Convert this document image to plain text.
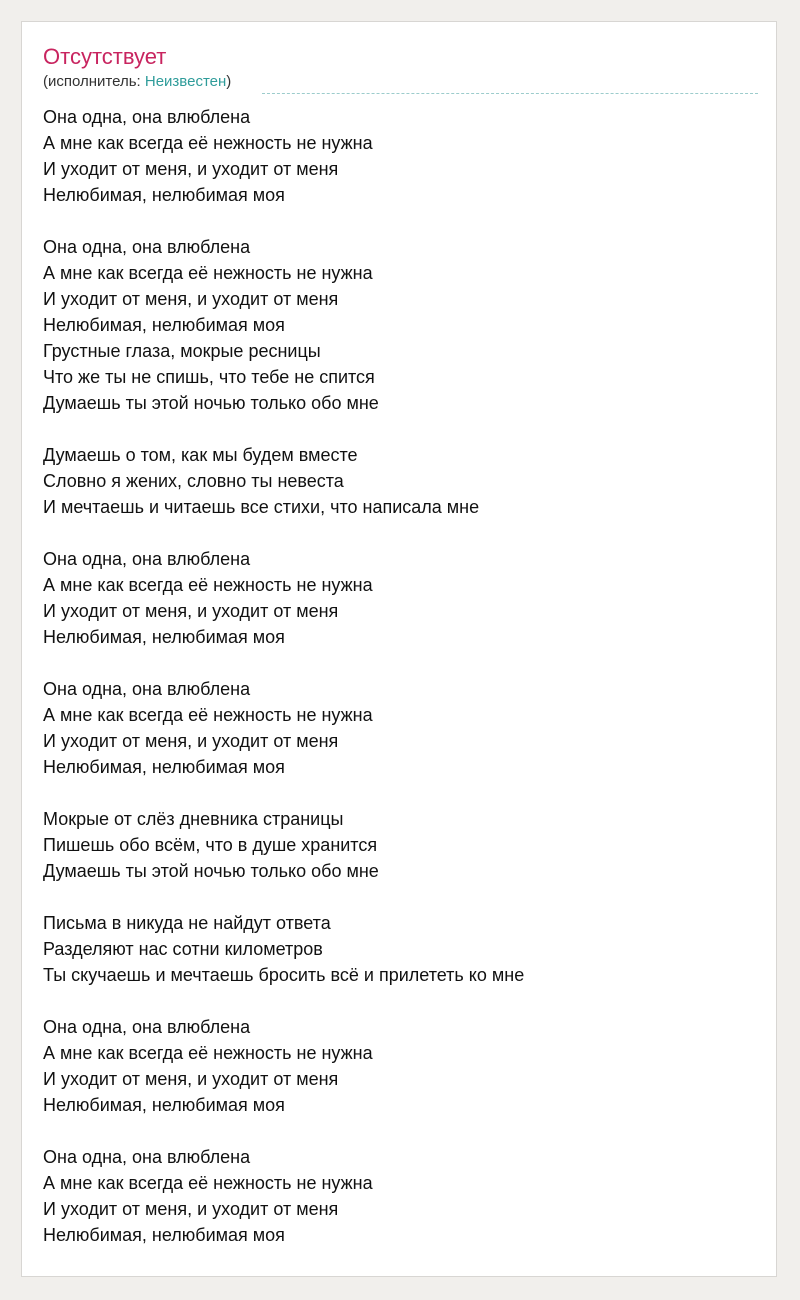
Отсутствует
(исполнитель: Неизвестен)
Она одна, она влюблена
А мне как всегда её нежность не нужна
И уходит от меня, и уходит от меня
Нелюбимая, нелюбимая моя
Она одна, она влюблена
А мне как всегда её нежность не нужна
И уходит от меня, и уходит от меня
Нелюбимая, нелюбимая моя
Грустные глаза, мокрые ресницы
Что же ты не спишь, что тебе не спится
Думаешь ты этой ночью только обо мне
Думаешь о том, как мы будем вместе
Словно я жених, словно ты невеста
И мечтаешь и читаешь все стихи, что написала мне
Она одна, она влюблена
А мне как всегда её нежность не нужна
И уходит от меня, и уходит от меня
Нелюбимая, нелюбимая моя
Она одна, она влюблена
А мне как всегда её нежность не нужна
И уходит от меня, и уходит от меня
Нелюбимая, нелюбимая моя
Мокрые от слёз дневника страницы
Пишешь обо всём, что в душе хранится
Думаешь ты этой ночью только обо мне
Письма в никуда не найдут ответа
Разделяют нас сотни километров
Ты скучаешь и мечтаешь бросить всё и прилететь ко мне
Она одна, она влюблена
А мне как всегда её нежность не нужна
И уходит от меня, и уходит от меня
Нелюбимая, нелюбимая моя
Она одна, она влюблена
А мне как всегда её нежность не нужна
И уходит от меня, и уходит от меня
Нелюбимая, нелюбимая моя
